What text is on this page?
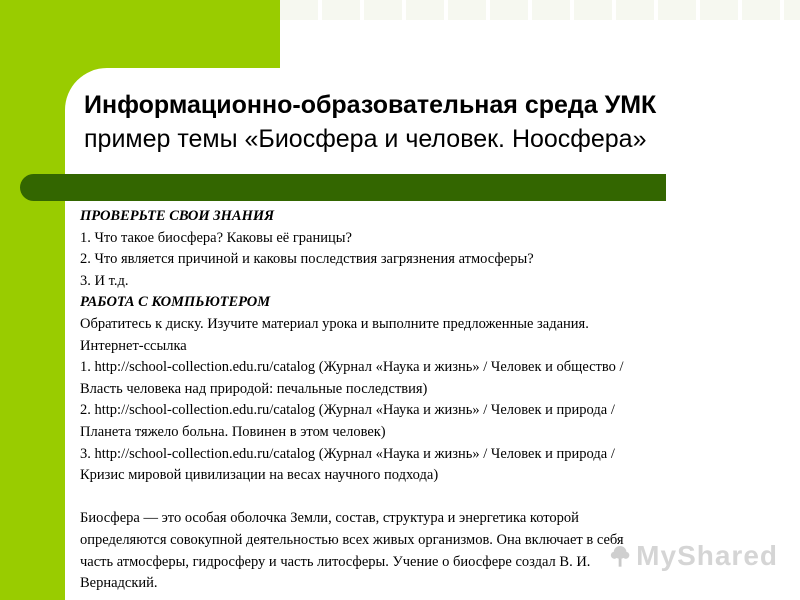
Информационно-образовательная среда УМК
пример темы «Биосфера и человек. Ноосфера»
ПРОВЕРЬТЕ СВОИ ЗНАНИЯ
1. Что такое биосфера? Каковы её границы?
2. Что является причиной и каковы последствия загрязнения атмосферы?
3. И т.д.
РАБОТА С КОМПЬЮТЕРОМ
Обратитесь к диску. Изучите материал урока и выполните предложенные задания.
Интернет-ссылка
1. http://school-collection.edu.ru/catalog (Журнал «Наука и жизнь» / Человек и общество /
Власть человека над природой: печальные последствия)
2. http://school-collection.edu.ru/catalog (Журнал «Наука и жизнь» / Человек и природа /
Планета тяжело больна. Повинен в этом человек)
3. http://school-collection.edu.ru/catalog (Журнал «Наука и жизнь» / Человек и природа /
Кризис мировой цивилизации на весах научного подхода)
Биосфера — это особая оболочка Земли, состав, структура и энергетика которой
определяются совокупной деятельностью всех живых организмов. Она включает в себя
часть атмосферы, гидросферу и часть литосферы. Учение о биосфере создал В. И.
Вернадский.
MyShared
